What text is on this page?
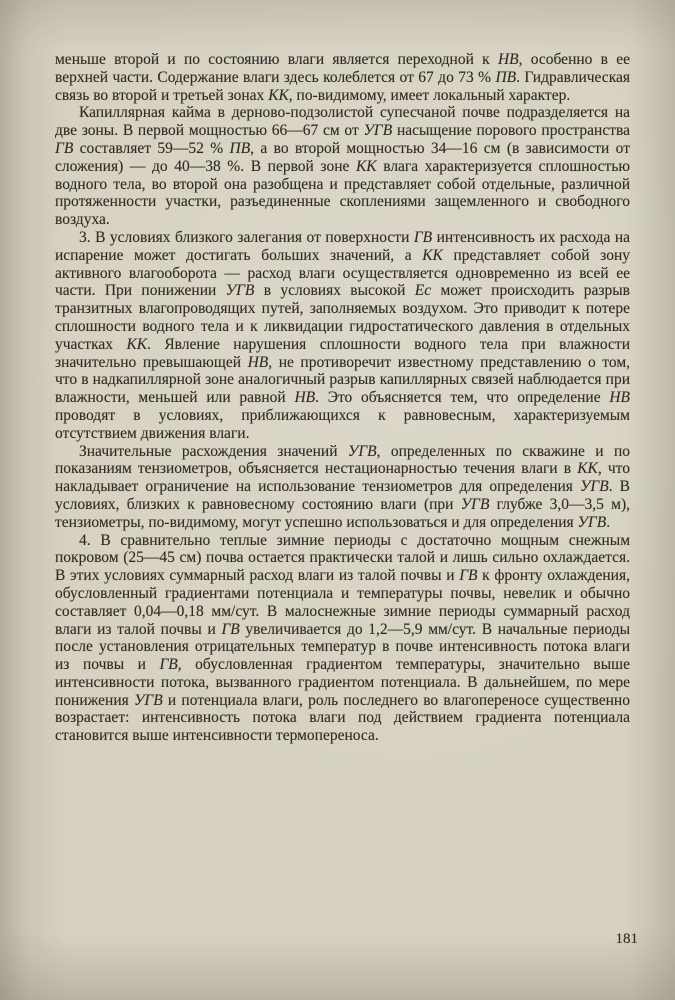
меньше второй и по состоянию влаги является переходной к НВ, особенно в ее верхней части. Содержание влаги здесь колеблется от 67 до 73 % ПВ. Гидравлическая связь во второй и третьей зонах КК, по-видимому, имеет локальный характер.

Капиллярная кайма в дерново-подзолистой супесчаной почве подразделяется на две зоны. В первой мощностью 66—67 см от УГВ насыщение порового пространства ГВ составляет 59—52 % ПВ, а во второй мощностью 34—16 см (в зависимости от сложения) — до 40—38 %. В первой зоне КК влага характеризуется сплошностью водного тела, во второй она разобщена и представляет собой отдельные, различной протяженности участки, разъединенные скоплениями защемленного и свободного воздуха.

3. В условиях близкого залегания от поверхности ГВ интенсивность их расхода на испарение может достигать больших значений, а КК представляет собой зону активного влагооборота — расход влаги осуществляется одновременно из всей ее части. При понижении УГВ в условиях высокой Ес может происходить разрыв транзитных влагопроводящих путей, заполняемых воздухом. Это приводит к потере сплошности водного тела и к ликвидации гидростатического давления в отдельных участках КК. Явление нарушения сплошности водного тела при влажности значительно превышающей НВ, не противоречит известному представлению о том, что в надкапиллярной зоне аналогичный разрыв капиллярных связей наблюдается при влажности, меньшей или равной НВ. Это объясняется тем, что определение НВ проводят в условиях, приближающихся к равновесным, характеризуемым отсутствием движения влаги.

Значительные расхождения значений УГВ, определенных по скважине и по показаниям тензиометров, объясняется нестационарностью течения влаги в КК, что накладывает ограничение на использование тензиометров для определения УГВ. В условиях, близких к равновесному состоянию влаги (при УГВ глубже 3,0—3,5 м), тензиометры, по-видимому, могут успешно использоваться и для определения УГВ.

4. В сравнительно теплые зимние периоды с достаточно мощным снежным покровом (25—45 см) почва остается практически талой и лишь сильно охлаждается. В этих условиях суммарный расход влаги из талой почвы и ГВ к фронту охлаждения, обусловленный градиентами потенциала и температуры почвы, невелик и обычно составляет 0,04—0,18 мм/сут. В малоснежные зимние периоды суммарный расход влаги из талой почвы и ГВ увеличивается до 1,2—5,9 мм/сут. В начальные периоды после установления отрицательных температур в почве интенсивность потока влаги из почвы и ГВ, обусловленная градиентом температуры, значительно выше интенсивности потока, вызванного градиентом потенциала. В дальнейшем, по мере понижения УГВ и потенциала влаги, роль последнего во влагопереносе существенно возрастает: интенсивность потока влаги под действием градиента потенциала становится выше интенсивности термопереноса.

181
